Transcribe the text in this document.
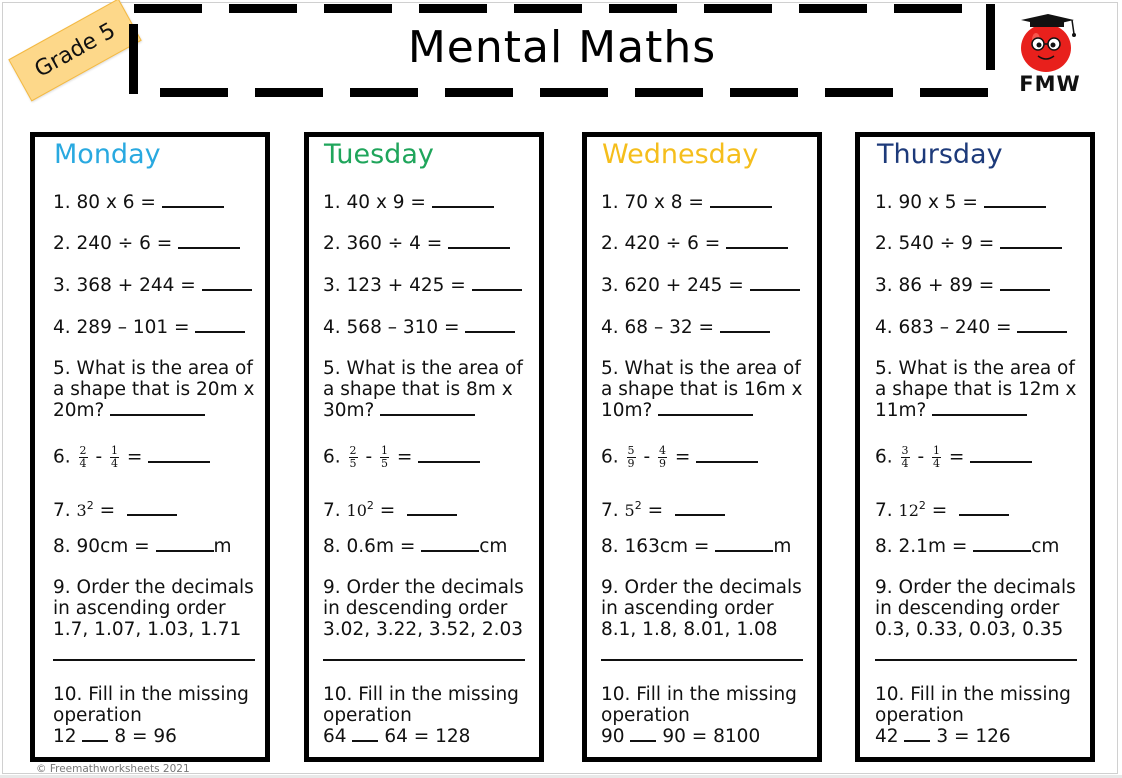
Grade 5	Mental Maths
FMW
Monday
1. 80 x 6 =
2. 240 ÷ 6 =
3. 368 + 244 =
4. 289 – 101 =
5. What is the area of
a shape that is 20m x
20m?
6. $\frac{2}{4} - \frac{1}{4}$ =
7. $3^2$ =
8. 90cm =	m
9. Order the decimals
in ascending order
1.7, 1.07, 1.03, 1.71
10. Fill in the missing
operation
12 8 = 96
Tuesday
1. 40 x 9 =
2. 360 ÷ 4 =
3. 123 + 425 =
4. 568 – 310 =
5. What is the area of
a shape that is 8m x
30m?
6. $\frac{2}{5} - \frac{1}{5}$ =
7. $10^2$ =
8. 0.6m =	cm
9. Order the decimals
in descending order
3.02, 3.22, 3.52, 2.03
10. Fill in the missing
operation
64 64 = 128
Wednesday
1. 70 x 8 =
2. 420 ÷ 6 =
3. 620 + 245 =
4. 68 – 32 =
5. What is the area of
a shape that is 16m x
10m?
6. $\frac{5}{9} - \frac{4}{9}$ =
7. $5^2$ =
8. 163cm =	m
9. Order the decimals
in ascending order
8.1, 1.8, 8.01, 1.08
10. Fill in the missing
operation
90 90 = 8100
Thursday
1. 90 x 5 =
2. 540 ÷ 9 =
3. 86 + 89 =
4. 683 – 240 =
5. What is the area of
a shape that is 12m x
11m?
6. $\frac{3}{4} - \frac{1}{4}$ =
7. $12^2$ =
8. 2.1m =	cm
9. Order the decimals
in descending order
0.3, 0.33, 0.03, 0.35
10. Fill in the missing
operation
42 3 = 126
© Freemathworksheets 2021
